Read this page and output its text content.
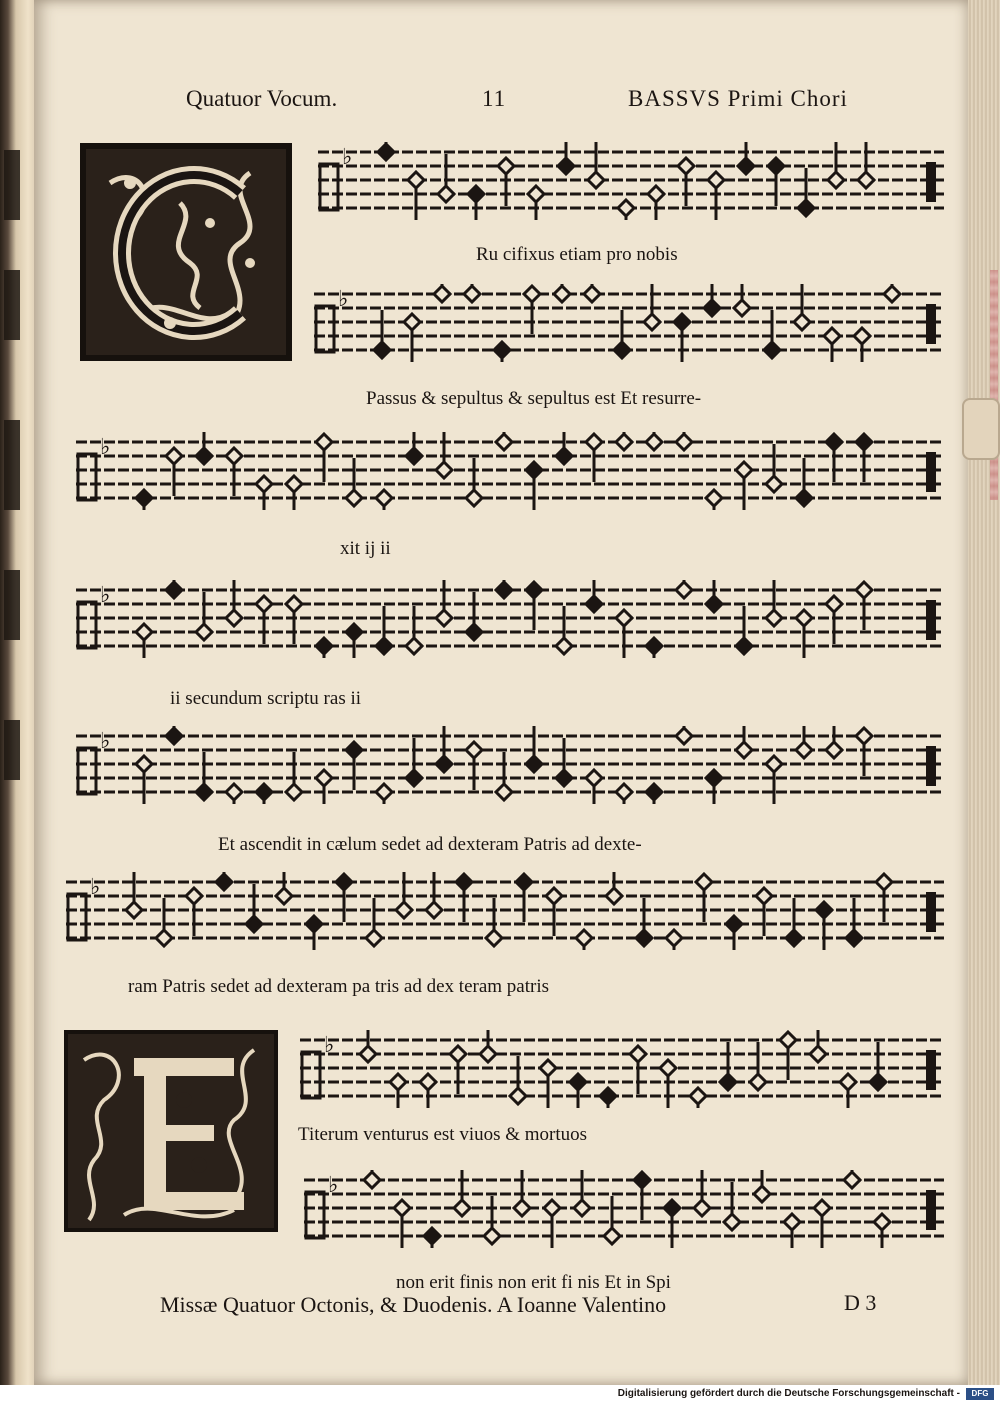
Quatuor Vocum.	11	BASSVS Primi Chori
♭
♭
♭
♭
♭
♭
♭
♭
Ru cifixus etiam pro nobis
Passus & sepultus & sepultus est Et resurre-
xit ij ii
ii secundum scriptu ras ii
Et ascendit in cælum sedet ad dexteram Patris ad dexte-
ram Patris sedet ad dexteram pa tris ad dex teram patris
Titerum venturus est viuos & mortuos
non erit finis non erit fi nis Et in Spi
Missæ Quatuor Octonis, & Duodenis. A Ioanne Valentino	D 3
Digitalisierung gefördert durch die Deutsche Forschungsgemeinschaft -	DFG
